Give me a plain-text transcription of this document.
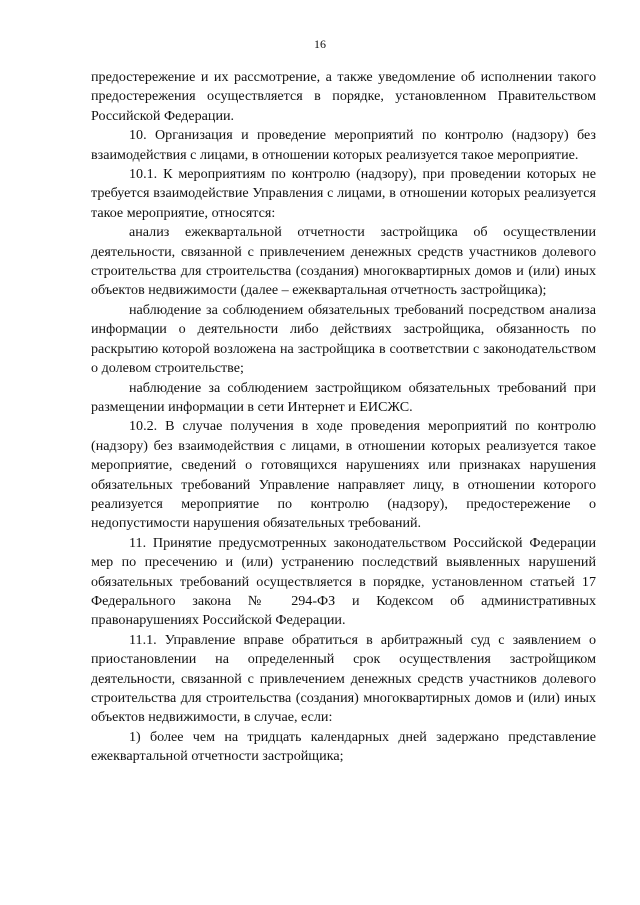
16

предостережение и их рассмотрение, а также уведомление об исполнении такого предостережения осуществляется в порядке, установленном Правительством Российской Федерации.

10. Организация и проведение мероприятий по контролю (надзору) без взаимодействия с лицами, в отношении которых реализуется такое мероприятие.

10.1. К мероприятиям по контролю (надзору), при проведении которых не требуется взаимодействие Управления с лицами, в отношении которых реализуется такое мероприятие, относятся:

анализ ежеквартальной отчетности застройщика об осуществлении деятельности, связанной с привлечением денежных средств участников долевого строительства для строительства (создания) многоквартирных домов и (или) иных объектов недвижимости (далее – ежеквартальная отчетность застройщика);

наблюдение за соблюдением обязательных требований посредством анализа информации о деятельности либо действиях застройщика, обязанность по раскрытию которой возложена на застройщика в соответствии с законодательством о долевом строительстве;

наблюдение за соблюдением застройщиком обязательных требований при размещении информации в сети Интернет и ЕИСЖС.

10.2. В случае получения в ходе проведения мероприятий по контролю (надзору) без взаимодействия с лицами, в отношении которых реализуется такое мероприятие, сведений о готовящихся нарушениях или признаках нарушения обязательных требований Управление направляет лицу, в отношении которого реализуется мероприятие по контролю (надзору), предостережение о недопустимости нарушения обязательных требований.

11. Принятие предусмотренных законодательством Российской Федерации мер по пресечению и (или) устранению последствий выявленных нарушений обязательных требований осуществляется в порядке, установленном статьей 17 Федерального закона № 294-ФЗ и Кодексом об административных правонарушениях Российской Федерации.

11.1. Управление вправе обратиться в арбитражный суд с заявлением о приостановлении на определенный срок осуществления застройщиком деятельности, связанной с привлечением денежных средств участников долевого строительства для строительства (создания) многоквартирных домов и (или) иных объектов недвижимости, в случае, если:

1) более чем на тридцать календарных дней задержано представление ежеквартальной отчетности застройщика;
